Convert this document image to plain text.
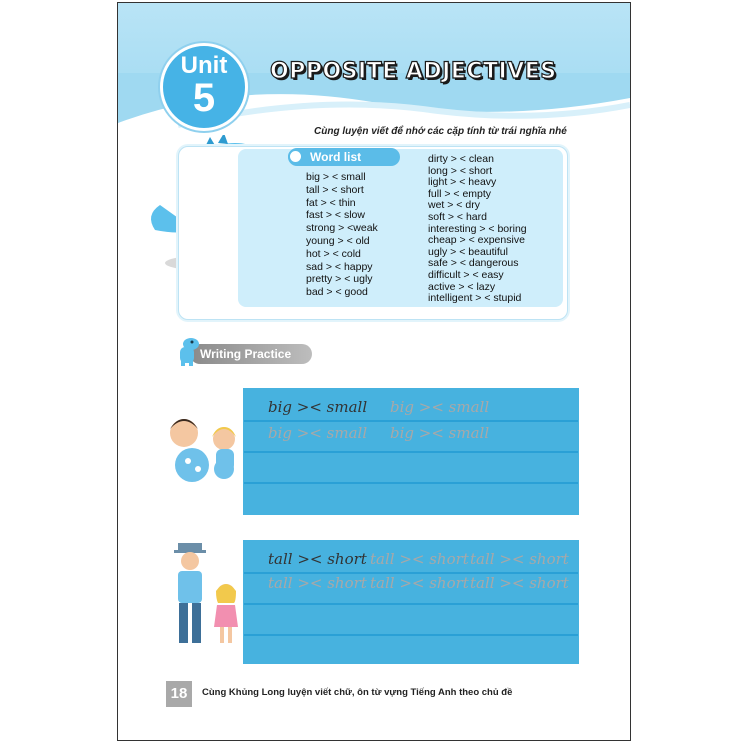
Unit
5
OPPOSITE ADJECTIVES
Cùng luyện viết để nhớ các cặp tính từ trái nghĩa nhé
Word list
big > < small
tall > < short
fat > < thin
fast > < slow
strong > <weak
young > < old
hot > < cold
sad > < happy
pretty > < ugly
bad > < good
dirty > < clean
long > < short
light > < heavy
full > < empty
wet > < dry
soft > < hard
interesting > < boring
cheap > < expensive
ugly > < beautiful
safe > < dangerous
difficult > < easy
active > < lazy
intelligent > < stupid
Writing Practice
big >< small big >< small
big >< small big >< small
tall >< short tall >< short tall >< short
tall >< short tall >< short tall >< short
18	Cùng Khủng Long luyện viết chữ, ôn từ vựng Tiếng Anh theo chủ đề
